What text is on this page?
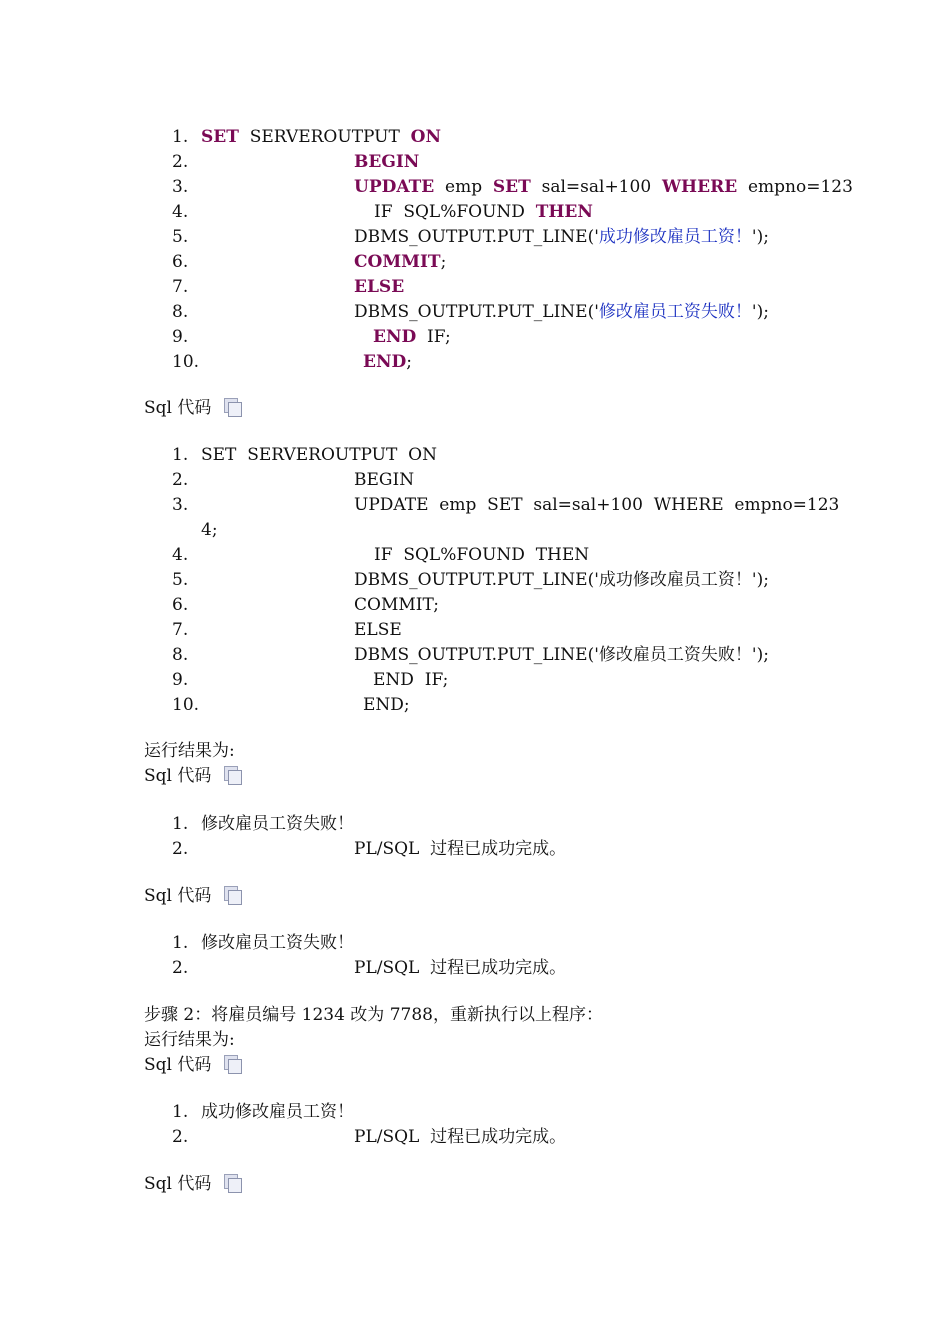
1. SET  SERVEROUTPUT  ON
2.	BEGIN
3.	UPDATE  emp  SET  sal=sal+100  WHERE  empno=123
4.	IF  SQL%FOUND  THEN
5.	DBMS_OUTPUT.PUT_LINE('成功修改雇员工资！');
6.	COMMIT;
7.	ELSE
8.	DBMS_OUTPUT.PUT_LINE('修改雇员工资失败！');
9.	END  IF;
10.	END;
Sql 代码
1. SET  SERVEROUTPUT  ON
2.	BEGIN
3.	UPDATE  emp  SET  sal=sal+100  WHERE  empno=123
4;
4.	IF  SQL%FOUND  THEN
5.	DBMS_OUTPUT.PUT_LINE('成功修改雇员工资！');
6.	COMMIT;
7.	ELSE
8.	DBMS_OUTPUT.PUT_LINE('修改雇员工资失败！');
9.	END  IF;
10.	END;
运行结果为:
Sql 代码
1. 修改雇员工资失败！
2.	PL/SQL  过程已成功完成。
Sql 代码
1. 修改雇员工资失败！
2.	PL/SQL  过程已成功完成。
步骤 2：将雇员编号 1234 改为 7788，重新执行以上程序：
运行结果为:
Sql 代码
1. 成功修改雇员工资！
2.	PL/SQL  过程已成功完成。
Sql 代码
